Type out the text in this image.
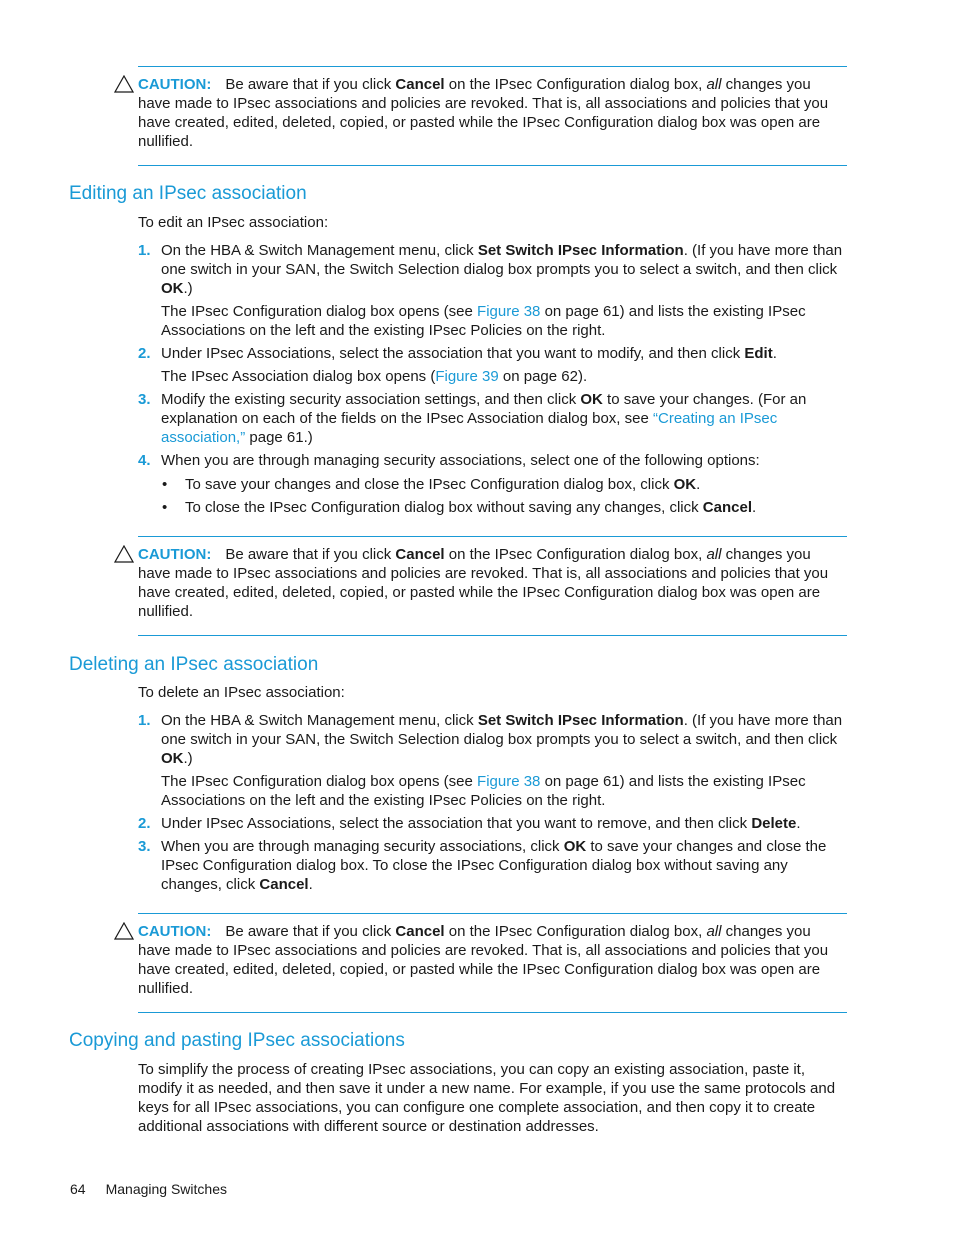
CAUTION: Be aware that if you click Cancel on the IPsec Configuration dialog box, all changes you have made to IPsec associations and policies are revoked. That is, all associations and policies that you have created, edited, deleted, copied, or pasted while the IPsec Configuration dialog box was open are nullified.

Editing an IPsec association

To edit an IPsec association:

1. On the HBA & Switch Management menu, click Set Switch IPsec Information. (If you have more than one switch in your SAN, the Switch Selection dialog box prompts you to select a switch, and then click OK.)

The IPsec Configuration dialog box opens (see Figure 38 on page 61) and lists the existing IPsec Associations on the left and the existing IPsec Policies on the right.

2. Under IPsec Associations, select the association that you want to modify, and then click Edit.

The IPsec Association dialog box opens (Figure 39 on page 62).

3. Modify the existing security association settings, and then click OK to save your changes. (For an explanation on each of the fields on the IPsec Association dialog box, see “Creating an IPsec association,” page 61.)

4. When you are through managing security associations, select one of the following options:

• To save your changes and close the IPsec Configuration dialog box, click OK.
• To close the IPsec Configuration dialog box without saving any changes, click Cancel.

CAUTION: Be aware that if you click Cancel on the IPsec Configuration dialog box, all changes you have made to IPsec associations and policies are revoked. That is, all associations and policies that you have created, edited, deleted, copied, or pasted while the IPsec Configuration dialog box was open are nullified.

Deleting an IPsec association

To delete an IPsec association:

1. On the HBA & Switch Management menu, click Set Switch IPsec Information. (If you have more than one switch in your SAN, the Switch Selection dialog box prompts you to select a switch, and then click OK.)

The IPsec Configuration dialog box opens (see Figure 38 on page 61) and lists the existing IPsec Associations on the left and the existing IPsec Policies on the right.

2. Under IPsec Associations, select the association that you want to remove, and then click Delete.

3. When you are through managing security associations, click OK to save your changes and close the IPsec Configuration dialog box. To close the IPsec Configuration dialog box without saving any changes, click Cancel.

CAUTION: Be aware that if you click Cancel on the IPsec Configuration dialog box, all changes you have made to IPsec associations and policies are revoked. That is, all associations and policies that you have created, edited, deleted, copied, or pasted while the IPsec Configuration dialog box was open are nullified.

Copying and pasting IPsec associations

To simplify the process of creating IPsec associations, you can copy an existing association, paste it, modify it as needed, and then save it under a new name. For example, if you use the same protocols and keys for all IPsec associations, you can configure one complete association, and then copy it to create additional associations with different source or destination addresses.

64 Managing Switches
